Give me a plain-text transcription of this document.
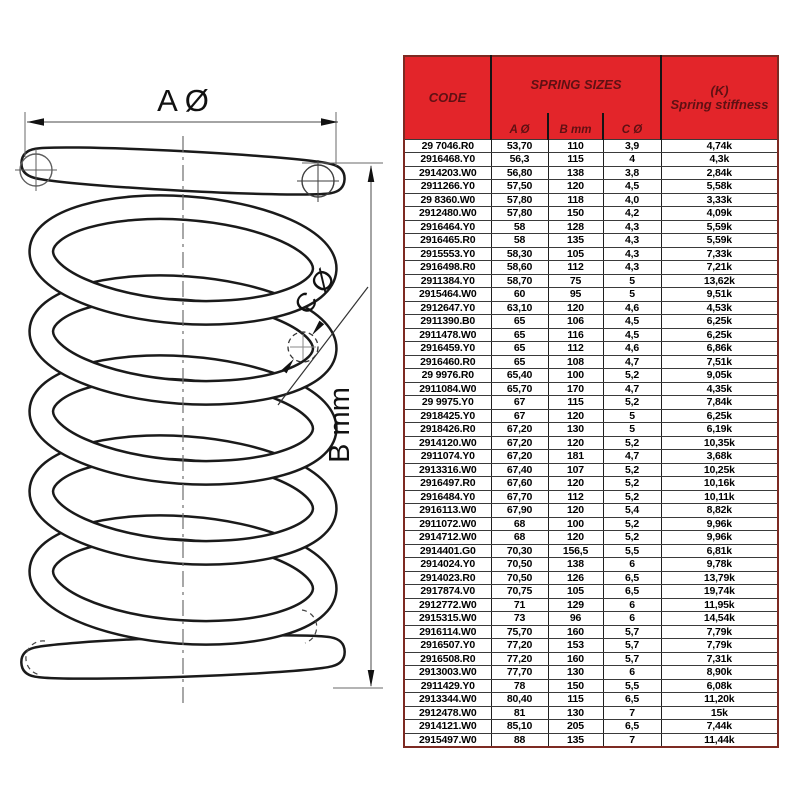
A Ø
B mm
C Ø
CODE	SPRING SIZES			(K)
Spring stiffness

	A Ø	B mm	C Ø	
29 7046.R0	53,70	110	3,9	4,74k
2916468.Y0	56,3	115	4	4,3k
2914203.W0	56,80	138	3,8	2,84k
2911266.Y0	57,50	120	4,5	5,58k
29 8360.W0	57,80	118	4,0	3,33k
2912480.W0	57,80	150	4,2	4,09k
2916464.Y0	58	128	4,3	5,59k
2916465.R0	58	135	4,3	5,59k
2915553.Y0	58,30	105	4,3	7,33k
2916498.R0	58,60	112	4,3	7,21k
2911384.Y0	58,70	75	5	13,62k
2915464.W0	60	95	5	9,51k
2912647.Y0	63,10	120	4,6	4,53k
2911390.B0	65	106	4,5	6,25k
2911478.W0	65	116	4,5	6,25k
2916459.Y0	65	112	4,6	6,86k
2916460.R0	65	108	4,7	7,51k
29 9976.R0	65,40	100	5,2	9,05k
2911084.W0	65,70	170	4,7	4,35k
29 9975.Y0	67	115	5,2	7,84k
2918425.Y0	67	120	5	6,25k
2918426.R0	67,20	130	5	6,19k
2914120.W0	67,20	120	5,2	10,35k
2911074.Y0	67,20	181	4,7	3,68k
2913316.W0	67,40	107	5,2	10,25k
2916497.R0	67,60	120	5,2	10,16k
2916484.Y0	67,70	112	5,2	10,11k
2916113.W0	67,90	120	5,4	8,82k
2911072.W0	68	100	5,2	9,96k
2914712.W0	68	120	5,2	9,96k
2914401.G0	70,30	156,5	5,5	6,81k
2914024.Y0	70,50	138	6	9,78k
2914023.R0	70,50	126	6,5	13,79k
2917874.V0	70,75	105	6,5	19,74k
2912772.W0	71	129	6	11,95k
2915315.W0	73	96	6	14,54k
2916114.W0	75,70	160	5,7	7,79k
2916507.Y0	77,20	153	5,7	7,79k
2916508.R0	77,20	160	5,7	7,31k
2913003.W0	77,70	130	6	8,90k
2911429.Y0	78	150	5,5	6,08k
2913344.W0	80,40	115	6,5	11,20k
2912478.W0	81	130	7	15k
2914121.W0	85,10	205	6,5	7,44k
2915497.W0	88	135	7	11,44k
